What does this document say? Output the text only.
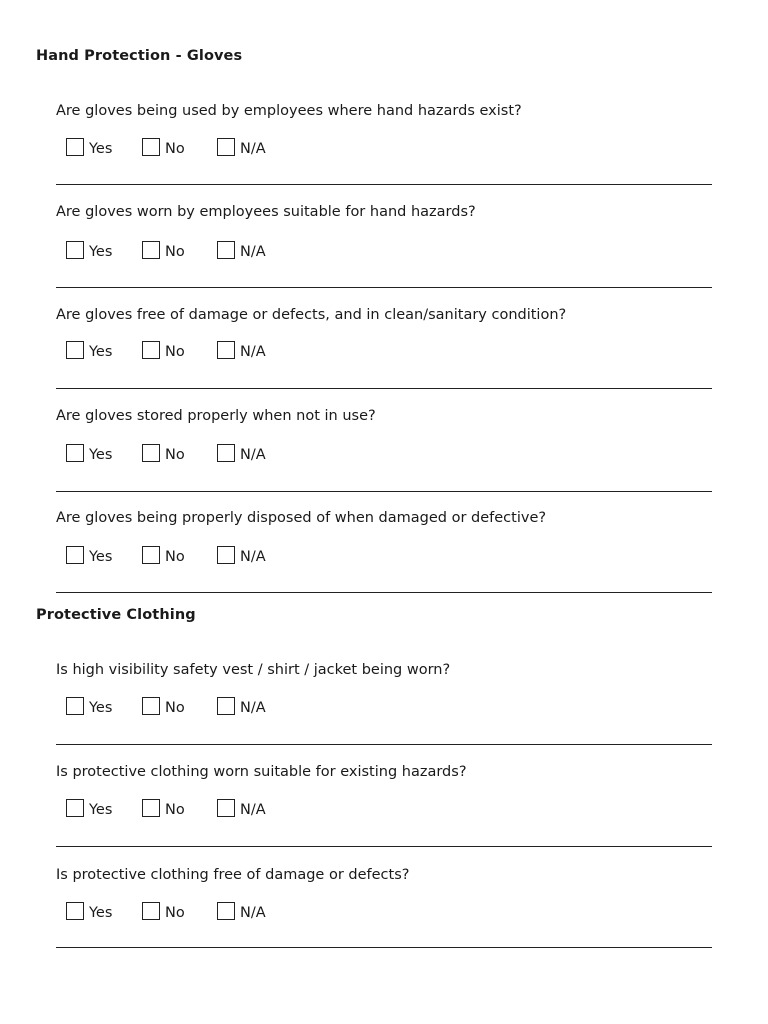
Hand Protection - Gloves
Are gloves being used by employees where hand hazards exist?
Yes	No	N/A
Are gloves worn by employees suitable for hand hazards?
Yes	No	N/A
Are gloves free of damage or defects, and in clean/sanitary condition?
Yes	No	N/A
Are gloves stored properly when not in use?
Yes	No	N/A
Are gloves being properly disposed of when damaged or defective?
Yes	No	N/A
Protective Clothing
Is high visibility safety vest / shirt / jacket being worn?
Yes	No	N/A
Is protective clothing worn suitable for existing hazards?
Yes	No	N/A
Is protective clothing free of damage or defects?
Yes	No	N/A
